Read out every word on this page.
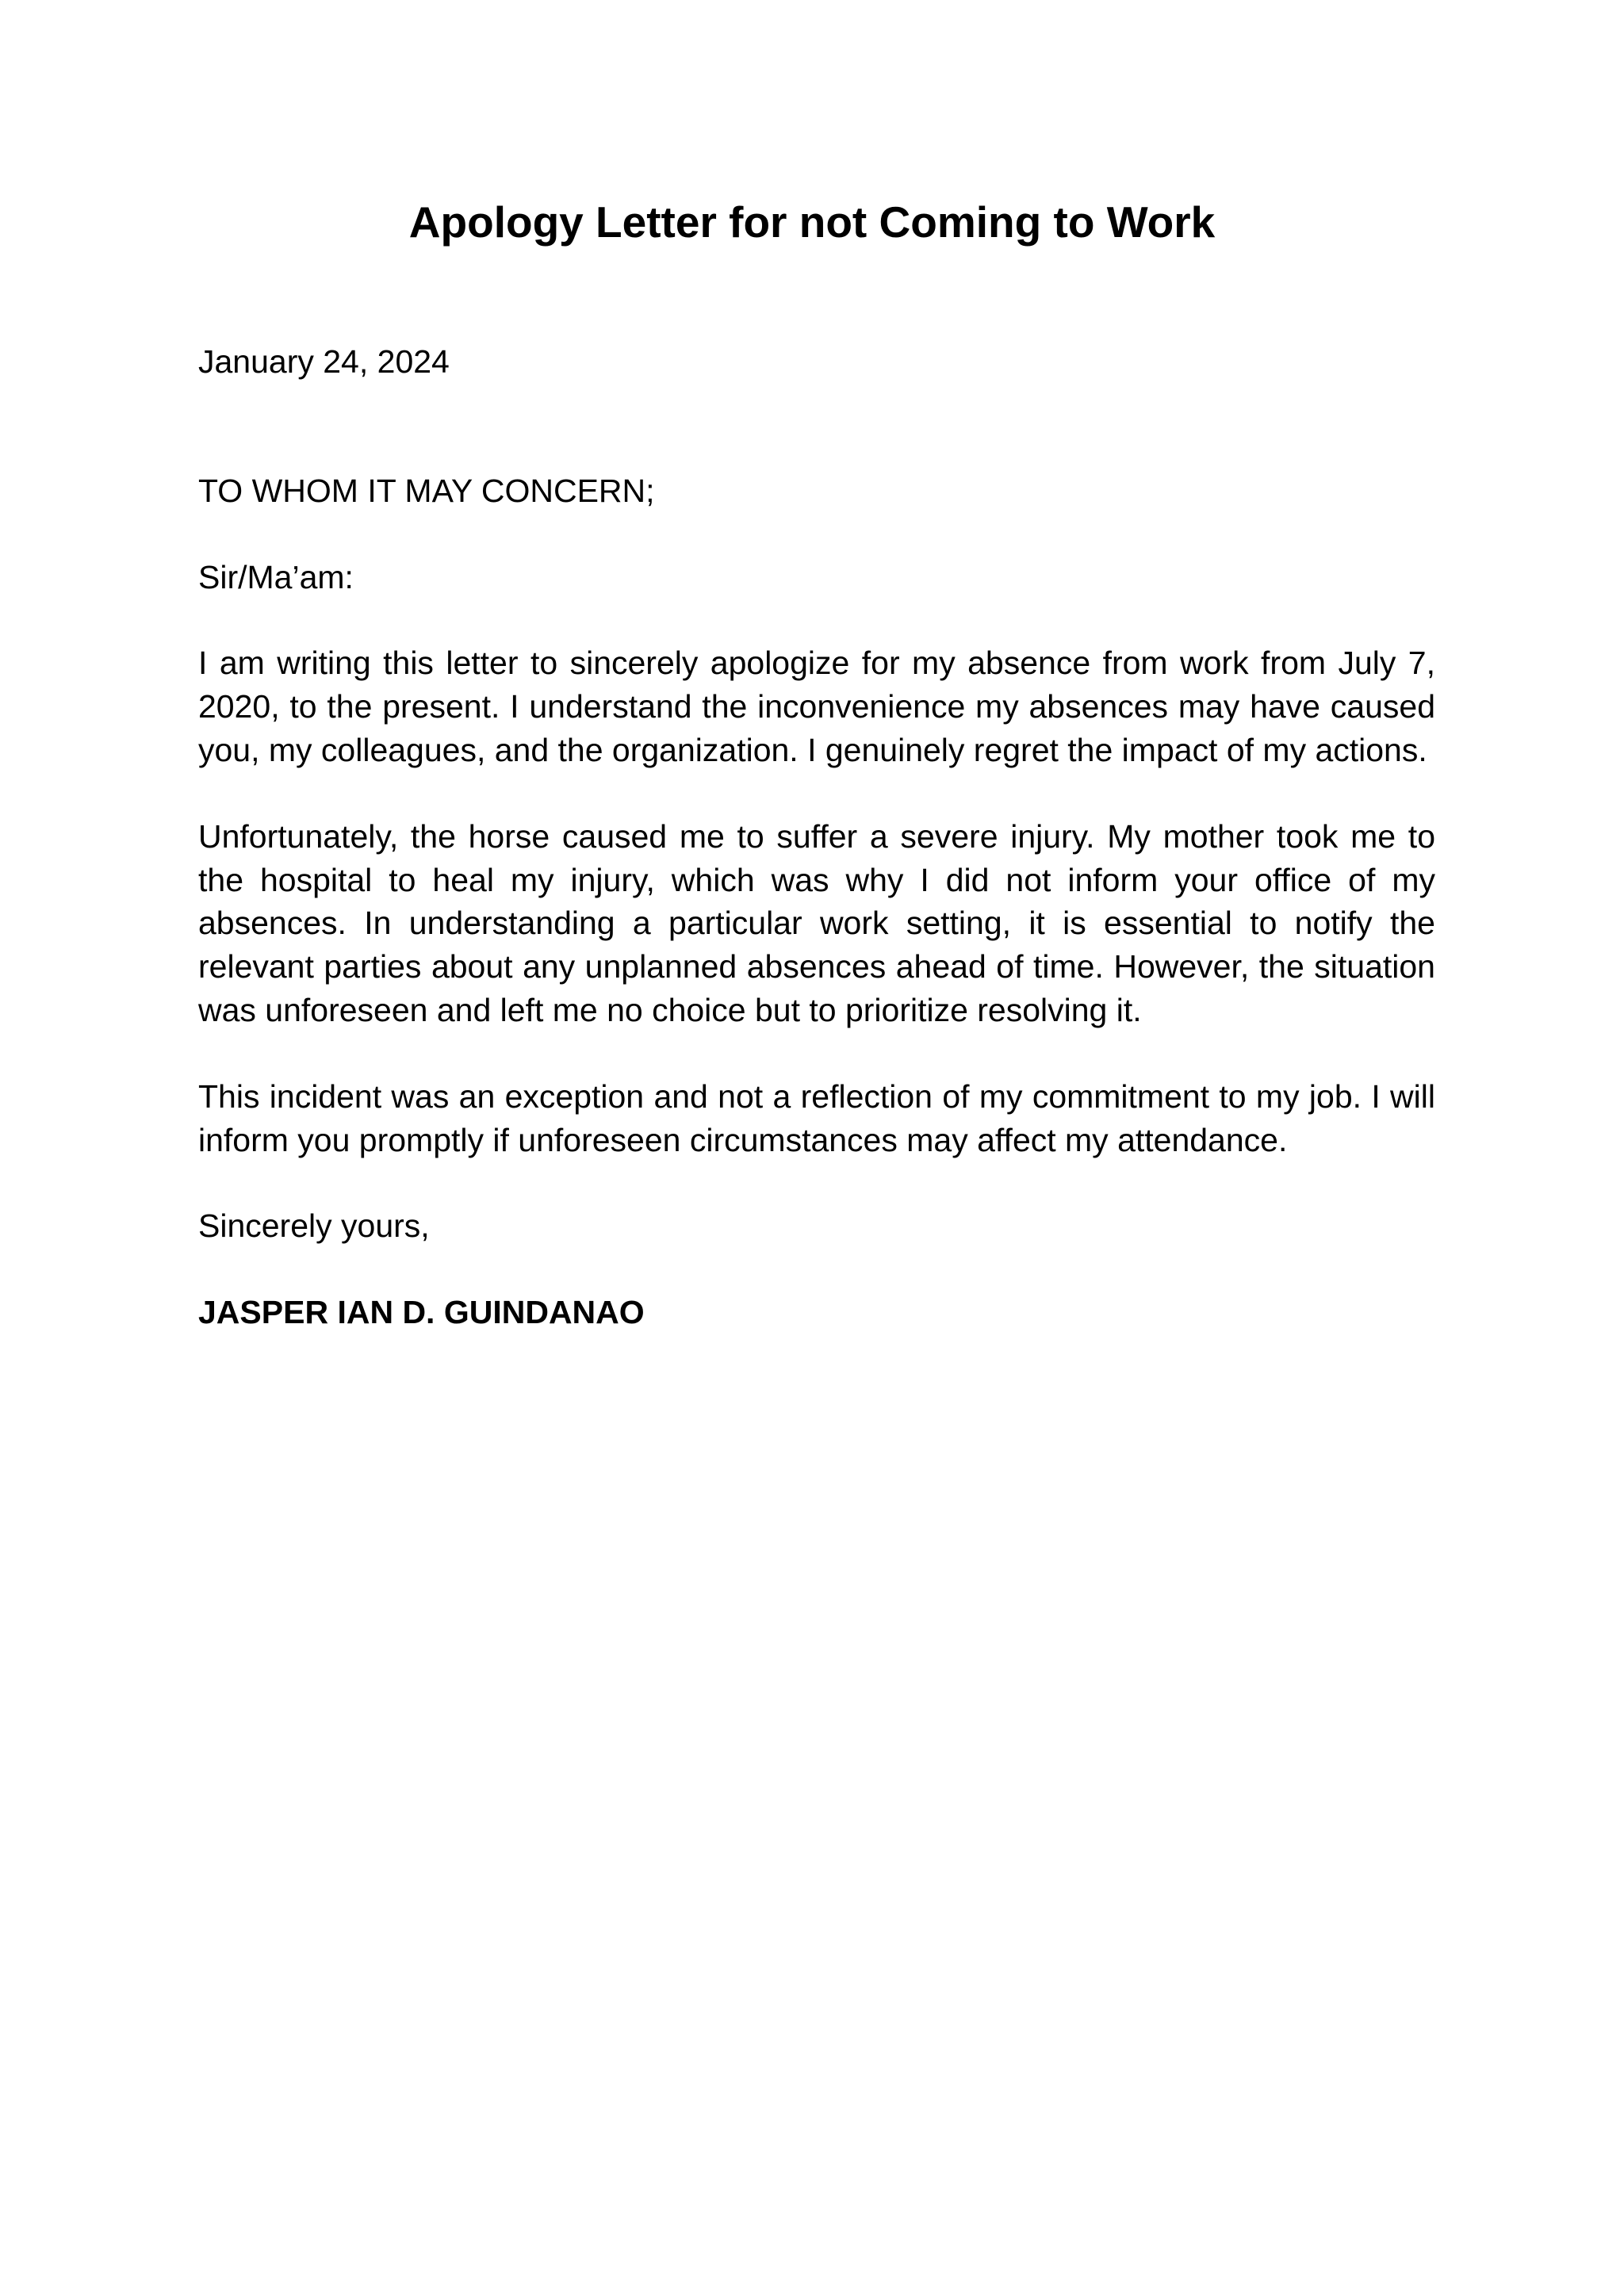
Apology Letter for not Coming to Work

January 24, 2024

TO WHOM IT MAY CONCERN;

Sir/Ma’am:

I am writing this letter to sincerely apologize for my absence from work from July 7, 2020, to the present. I understand the inconvenience my absences may have caused you, my colleagues, and the organization. I genuinely regret the impact of my actions.

Unfortunately, the horse caused me to suffer a severe injury. My mother took me to the hospital to heal my injury, which was why I did not inform your office of my absences. In understanding a particular work setting, it is essential to notify the relevant parties about any unplanned absences ahead of time. However, the situation was unforeseen and left me no choice but to prioritize resolving it.

This incident was an exception and not a reflection of my commitment to my job. I will inform you promptly if unforeseen circumstances may affect my attendance.

Sincerely yours,

JASPER IAN D. GUINDANAO
